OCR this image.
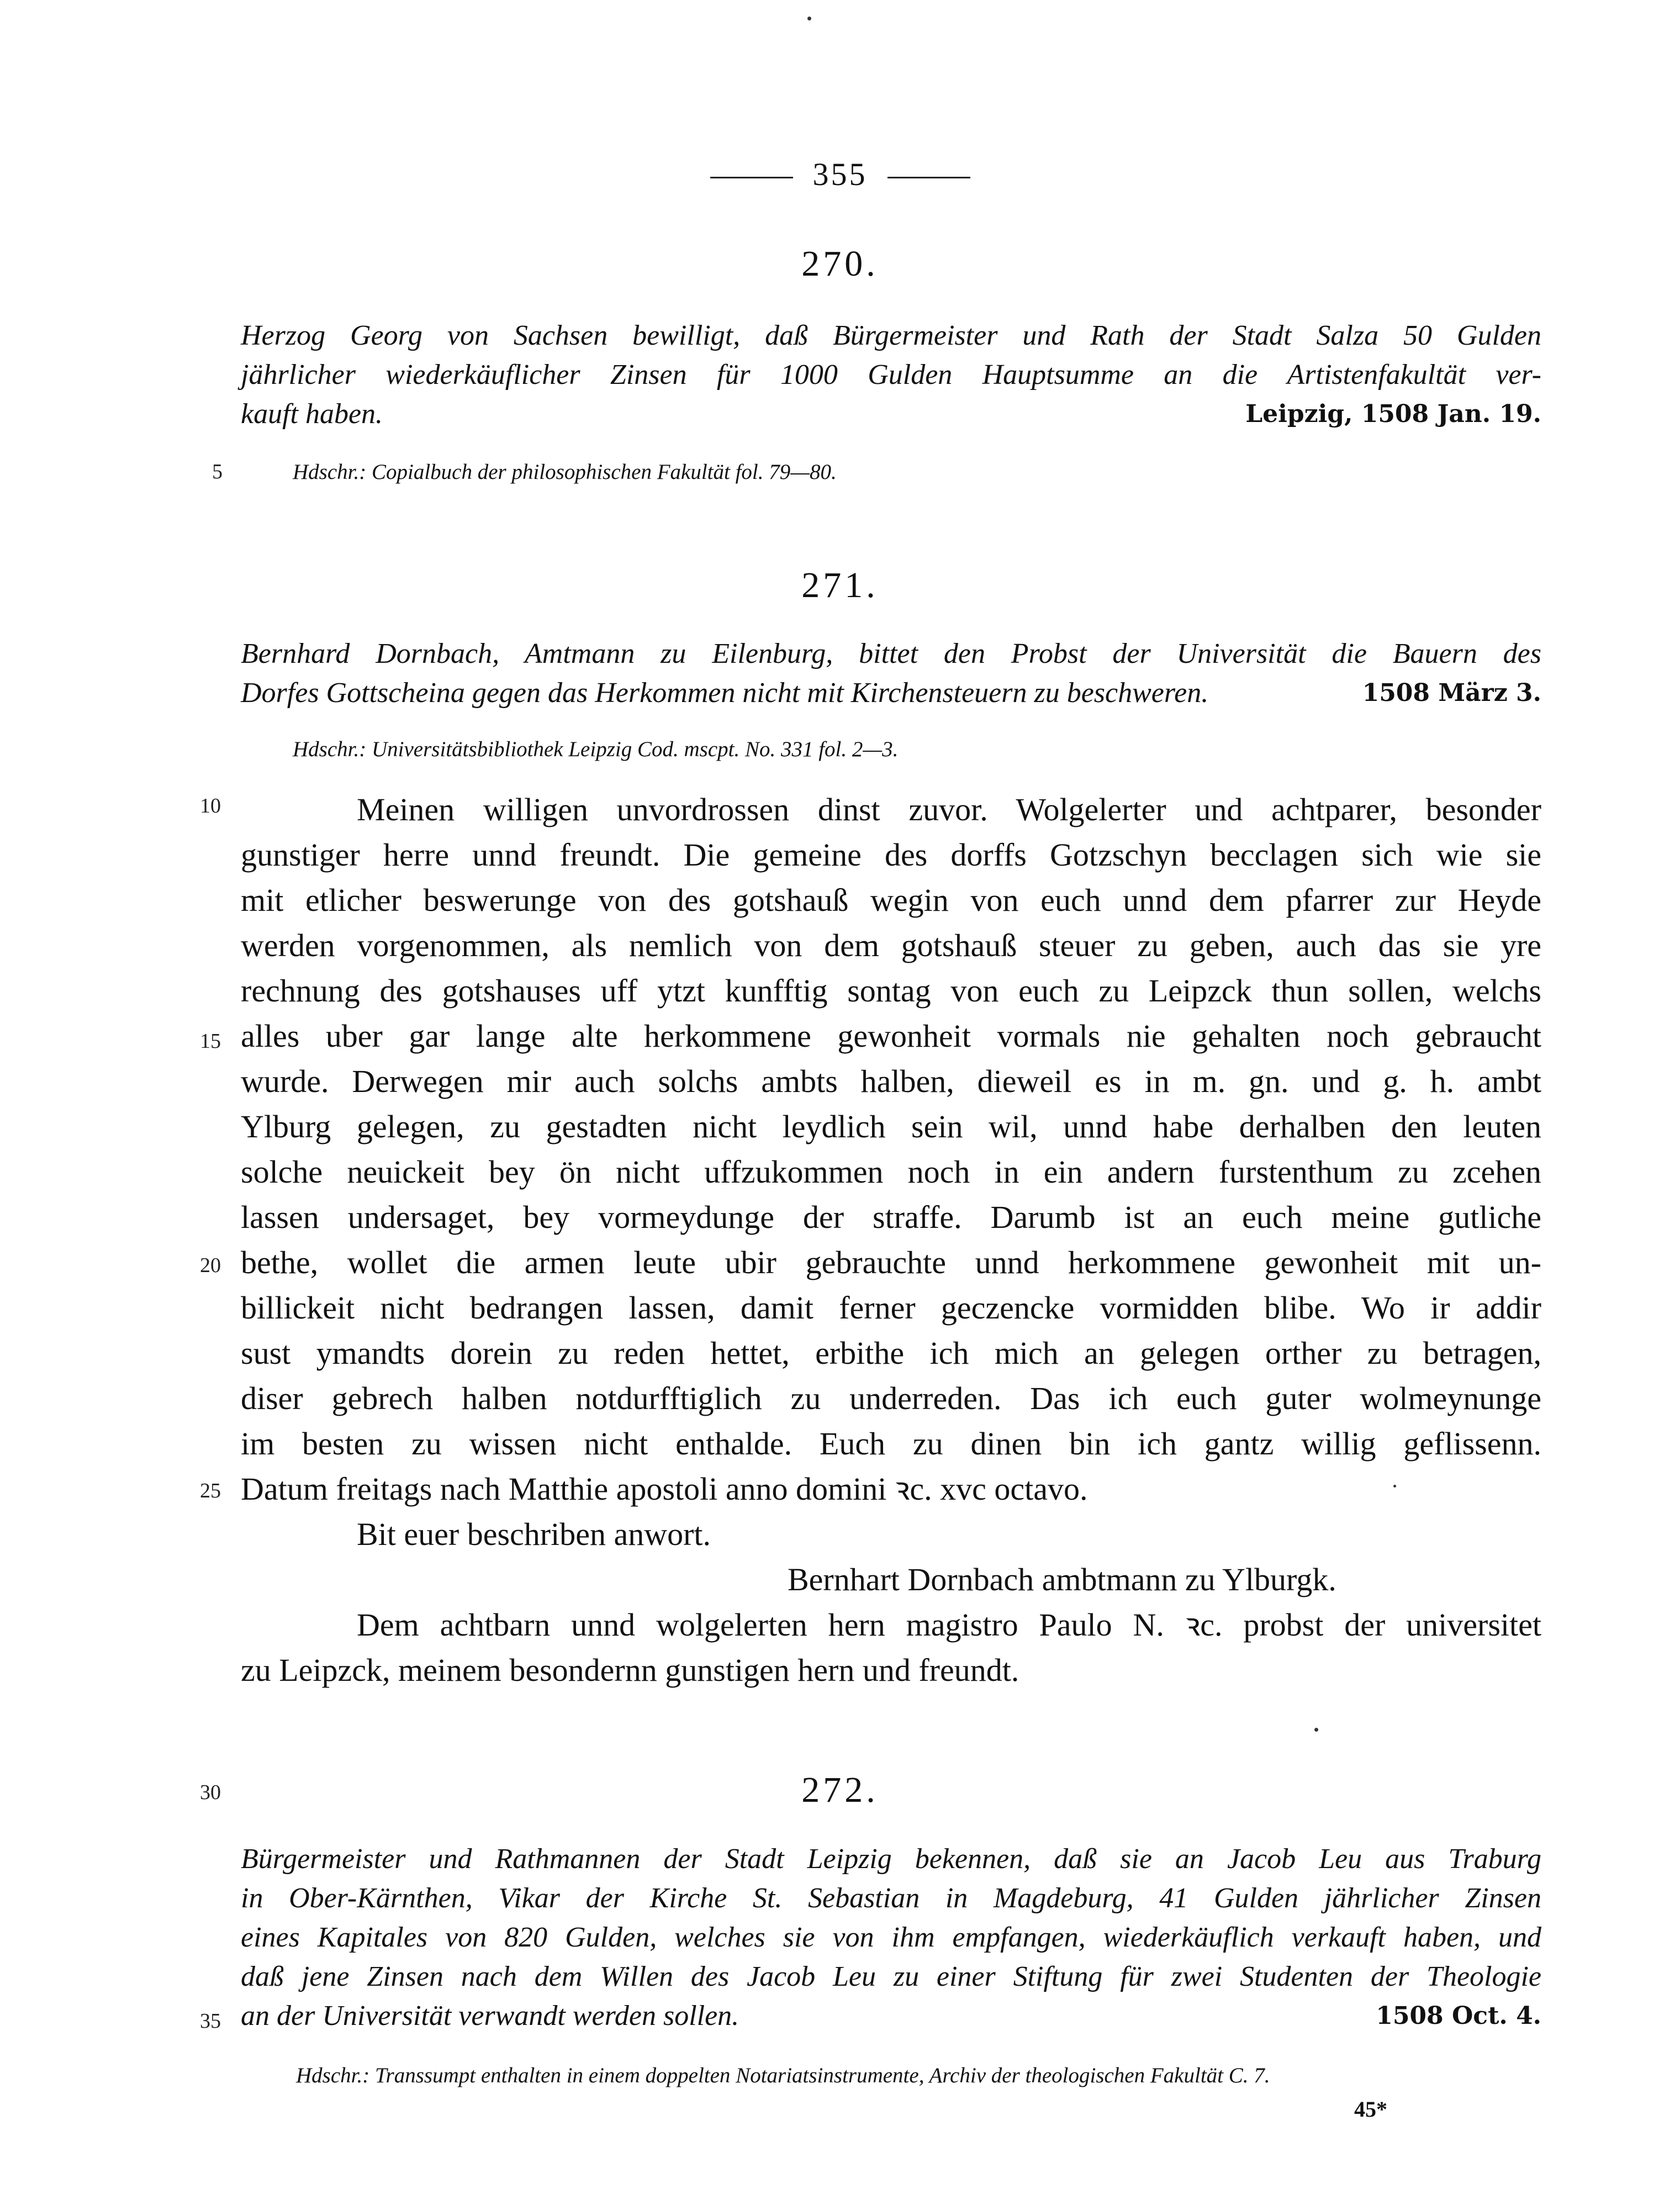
355
270.
Herzog Georg von Sachsen bewilligt, daß Bürgermeister und Rath der Stadt Salza 50 Gulden
jährlicher wiederkäuflicher Zinsen für 1000 Gulden Hauptsumme an die Artistenfakultät ver-
kauft haben.	Leipzig, 1508 Jan. 19.
Hdschr.: Copialbuch der philosophischen Fakultät fol. 79—80.
271.
Bernhard Dornbach, Amtmann zu Eilenburg, bittet den Probst der Universität die Bauern des
Dorfes Gottscheina gegen das Herkommen nicht mit Kirchensteuern zu beschweren.	1508 März 3.
Hdschr.: Universitätsbibliothek Leipzig Cod. mscpt. No. 331 fol. 2—3.
Meinen willigen unvordrossen dinst zuvor. Wolgelerter und achtparer, besonder
gunstiger herre unnd freundt. Die gemeine des dorffs Gotzschyn becclagen sich wie sie
mit etlicher beswerunge von des gotshauß wegin von euch unnd dem pfarrer zur Heyde
werden vorgenommen, als nemlich von dem gotshauß steuer zu geben, auch das sie yre
rechnung des gotshauses uff ytzt kunfftig sontag von euch zu Leipzck thun sollen, welchs
alles uber gar lange alte herkommene gewonheit vormals nie gehalten noch gebraucht
wurde. Derwegen mir auch solchs ambts halben, dieweil es in m. gn. und g. h. ambt
Ylburg gelegen, zu gestadten nicht leydlich sein wil, unnd habe derhalben den leuten
solche neuickeit bey ön nicht uffzukommen noch in ein andern furstenthum zu zcehen
lassen undersaget, bey vormeydunge der straffe. Darumb ist an euch meine gutliche
bethe, wollet die armen leute ubir gebrauchte unnd herkommene gewonheit mit un-
billickeit nicht bedrangen lassen, damit ferner geczencke vormidden blibe. Wo ir addir
sust ymandts dorein zu reden hettet, erbithe ich mich an gelegen orther zu betragen,
diser gebrech halben notdurfftiglich zu underreden. Das ich euch guter wolmeynunge
im besten zu wissen nicht enthalde. Euch zu dinen bin ich gantz willig geflissenn.
Datum freitags nach Matthie apostoli anno domini ꝛc. xvc octavo.
Bit euer beschriben anwort.
Bernhart Dornbach ambtmann zu Ylburgk.
Dem achtbarn unnd wolgelerten hern magistro Paulo N. ꝛc. probst der universitet
zu Leipzck, meinem besondernn gunstigen hern und freundt.
272.
Bürgermeister und Rathmannen der Stadt Leipzig bekennen, daß sie an Jacob Leu aus Traburg
in Ober-Kärnthen, Vikar der Kirche St. Sebastian in Magdeburg, 41 Gulden jährlicher Zinsen
eines Kapitales von 820 Gulden, welches sie von ihm empfangen, wiederkäuflich verkauft haben, und
daß jene Zinsen nach dem Willen des Jacob Leu zu einer Stiftung für zwei Studenten der Theologie
an der Universität verwandt werden sollen.	1508 Oct. 4.
Hdschr.: Transsumpt enthalten in einem doppelten Notariatsinstrumente, Archiv der theologischen Fakultät C. 7.
5
10
15
20
25
30
35
45*
